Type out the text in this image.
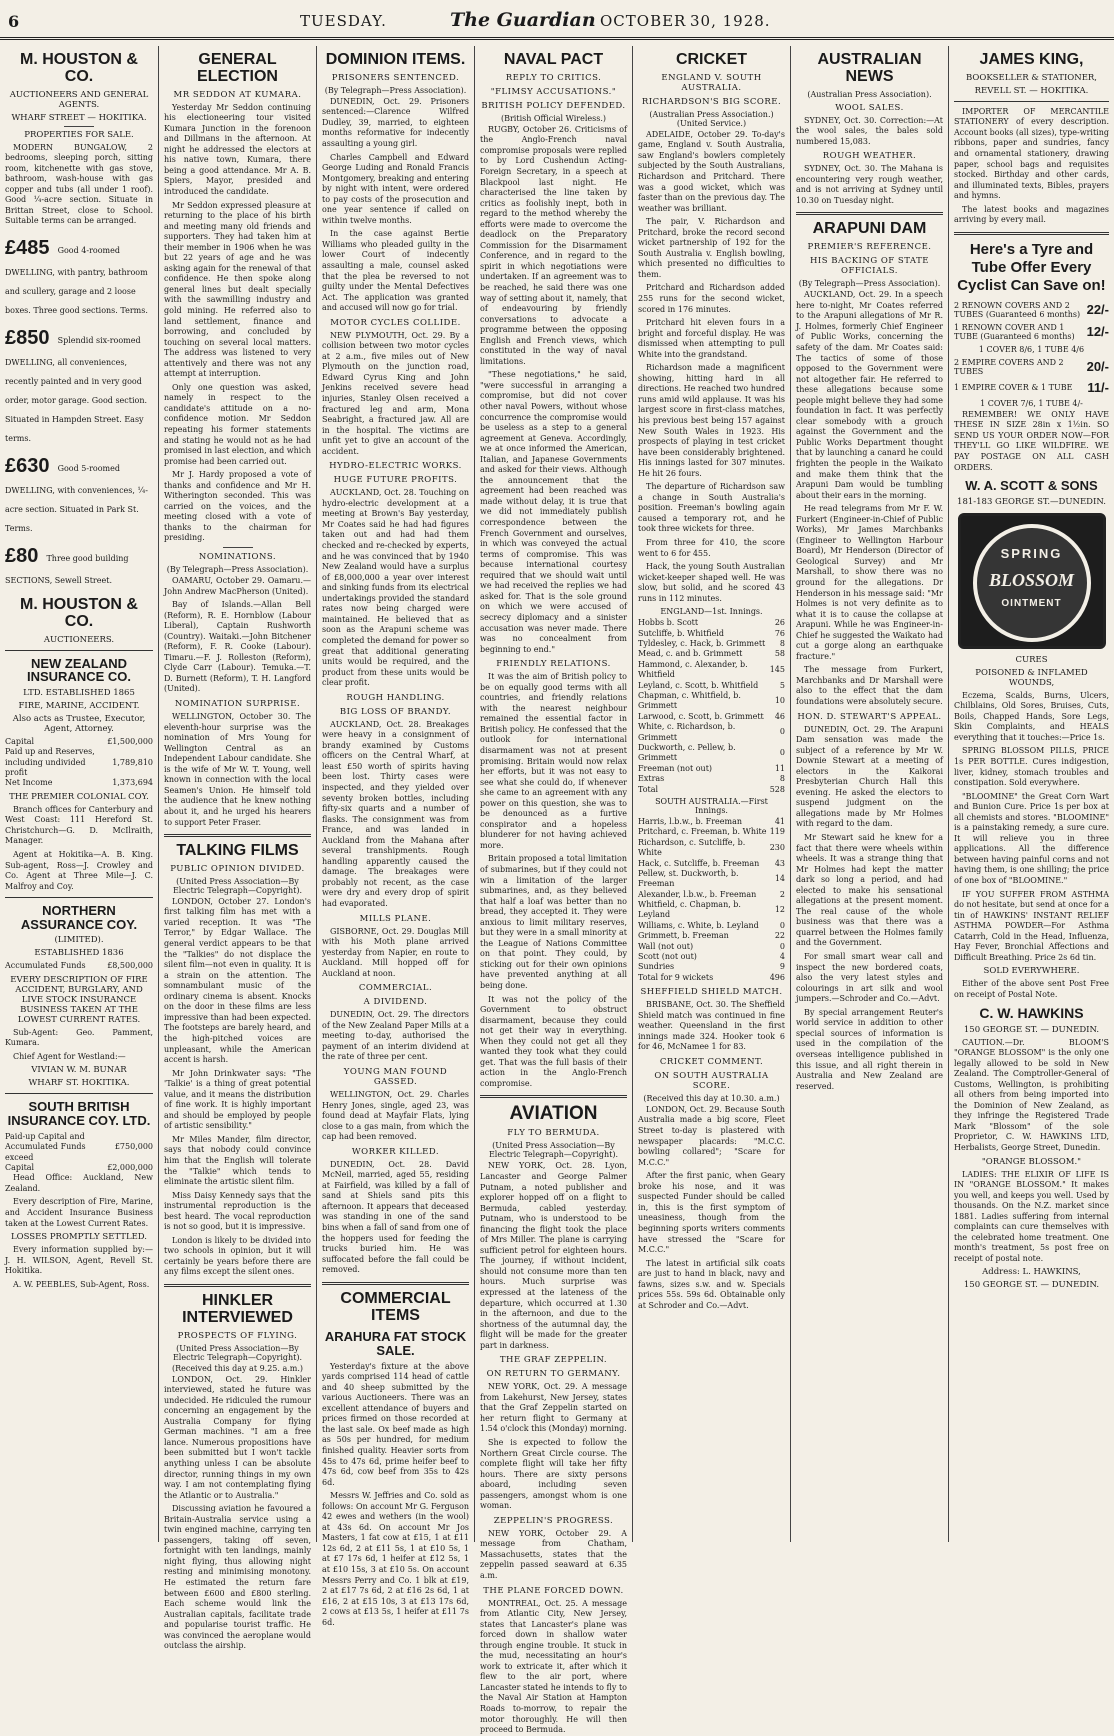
6	TUESDAY.	The Guardian OCTOBER 30, 1928.
M. HOUSTON & CO.
AUCTIONEERS AND GENERAL AGENTS.
WHARF STREET — HOKITIKA.
PROPERTIES FOR SALE.
MODERN BUNGALOW, 2 bedrooms, sleeping porch, sitting room, kitchenette with gas stove, bathroom, wash-house with gas copper and tubs (all under 1 roof). Good ¼-acre section. Situate in Brittan Street, close to School. Suitable terms can be arranged.
£485 Good 4-roomed DWELLING, with pantry, bathroom and scullery, garage and 2 loose boxes. Three good sections. Terms.
£850 Splendid six-roomed DWELLING, all conveniences, recently painted and in very good order, motor garage. Good section. Situated in Hampden Street. Easy terms.
£630 Good 5-roomed DWELLING, with conveniences, ¼-acre section. Situated in Park St. Terms.
£80 Three good building SECTIONS, Sewell Street.
M. HOUSTON & CO.
AUCTIONEERS.
NEW ZEALAND INSURANCE CO.
LTD. ESTABLISHED 1865
FIRE, MARINE, ACCIDENT.
Also acts as Trustee, Executor, Agent, Attorney.
Capital	£1,500,000
Paid up and Reserves, including undivided profit	1,789,810
Net Income	1,373,694
THE PREMIER COLONIAL COY.
Branch offices for Canterbury and West Coast: 111 Hereford St. Christchurch—G. D. McIlraith, Manager.
Agent at Hokitika—A. B. King. Sub-agent, Ross—J. Crowley and Co. Agent at Three Mile—J. C. Malfroy and Coy.
NORTHERN ASSURANCE COY.
(LIMITED).
ESTABLISHED 1836
Accumulated Funds	£8,500,000
EVERY DESCRIPTION OF FIRE ACCIDENT, BURGLARY, AND LIVE STOCK INSURANCE BUSINESS TAKEN AT THE LOWEST CURRENT RATES.
Sub-Agent: Geo. Pamment, Kumara.
Chief Agent for Westland:—
VIVIAN W. M. BUNAR
WHARF ST. HOKITIKA.
SOUTH BRITISH INSURANCE COY. LTD.
Paid-up Capital and Accumulated Funds exceed	£750,000
Capital	£2,000,000
Head Office: Auckland, New Zealand.
Every description of Fire, Marine, and Accident Insurance Business taken at the Lowest Current Rates.
LOSSES PROMPTLY SETTLED.
Every information supplied by:— J. H. WILSON, Agent, Revell St. Hokitika.
A. W. PEEBLES, Sub-Agent, Ross.
GENERAL ELECTION
MR SEDDON AT KUMARA.
Yesterday Mr Seddon continuing his electioneering tour visited Kumara Junction in the forenoon and Dillmans in the afternoon. At night he addressed the electors at his native town, Kumara, there being a good attendance. Mr A. B. Spiers, Mayor, presided and introduced the candidate.
Mr Seddon expressed pleasure at returning to the place of his birth and meeting many old friends and supporters. They had taken him at their member in 1906 when he was but 22 years of age and he was asking again for the renewal of that confidence. He then spoke along general lines but dealt specially with the sawmilling industry and gold mining. He referred also to land settlement, finance and borrowing, and concluded by touching on several local matters. The address was listened to very attentively and there was not any attempt at interruption.
Only one question was asked, namely in respect to the candidate's attitude on a no-confidence motion. Mr Seddon repeating his former statements and stating he would not as he had promised in last election, and which promise had been carried out.
Mr J. Hardy proposed a vote of thanks and confidence and Mr H. Witherington seconded. This was carried on the voices, and the meeting closed with a vote of thanks to the chairman for presiding.
NOMINATIONS.
(By Telegraph—Press Association).
OAMARU, October 29. Oamaru.—John Andrew MacPherson (United).
Bay of Islands.—Allan Bell (Reform), R. E. Hornblow (Labour Liberal), Captain Rushworth (Country). Waitaki.—John Bitchener (Reform), F. R. Cooke (Labour). Timaru.—F. J. Rolleston (Reform), Clyde Carr (Labour). Temuka.—T. D. Burnett (Reform), T. H. Langford (United).
NOMINATION SURPRISE.
WELLINGTON, October 30. The eleventh-hour surprise was the nomination of Mrs Young for Wellington Central as an Independent Labour candidate. She is the wife of Mr W. T. Young, well known in connection with the local Seamen's Union. He himself told the audience that he knew nothing about it, and he urged his hearers to support Peter Fraser.
TALKING FILMS
PUBLIC OPINION DIVIDED.
(United Press Association—By Electric Telegraph—Copyright).
LONDON, October 27. London's first talking film has met with a varied reception. It was "The Terror," by Edgar Wallace. The general verdict appears to be that the "Talkies" do not displace the silent film—not even in quality. It is a strain on the attention. The somnambulant music of the ordinary cinema is absent. Knocks on the door in these films are less impressive than had been expected. The footsteps are barely heard, and the high-pitched voices are unpleasant, while the American accent is harsh.
Mr John Drinkwater says: "The 'Talkie' is a thing of great potential value, and it means the distribution of fine work. It is highly important and should be employed by people of artistic sensibility."
Mr Miles Mander, film director, says that nobody could convince him that the English will tolerate the "Talkie" which tends to eliminate the artistic silent film.
Miss Daisy Kennedy says that the instrumental reproduction is the best heard. The vocal reproduction is not so good, but it is impressive.
London is likely to be divided into two schools in opinion, but it will certainly be years before there are any films except the silent ones.
HINKLER INTERVIEWED
PROSPECTS OF FLYING.
(United Press Association—By Electric Telegraph—Copyright).
(Received this day at 9.25. a.m.)
LONDON, Oct. 29. Hinkler interviewed, stated he future was undecided. He ridiculed the rumour concerning an engagement by the Australia Company for flying German machines. "I am a free lance. Numerous propositions have been submitted but I won't tackle anything unless I can be absolute director, running things in my own way. I am not contemplating flying the Atlantic or to Australia."
Discussing aviation he favoured a Britain-Australia service using a twin engined machine, carrying ten passengers, taking off seven, fortnight with ten landings, mainly night flying, thus allowing night resting and minimising monotony. He estimated the return fare between £600 and £800 sterling. Each scheme would link the Australian capitals, facilitate trade and popularise tourist traffic. He was convinced the aeroplane would outclass the airship.
DOMINION ITEMS.
PRISONERS SENTENCED.
(By Telegraph—Press Association).
DUNEDIN, Oct. 29. Prisoners sentenced:—Clarence Wilfred Dudley, 39, married, to eighteen months reformative for indecently assaulting a young girl.
Charles Campbell and Edward George Luding and Ronald Francis Montgomery, breaking and entering by night with intent, were ordered to pay costs of the prosecution and one year sentence if called on within twelve months.
In the case against Bertie Williams who pleaded guilty in the lower Court of indecently assaulting a male, counsel asked that the plea be reversed to not guilty under the Mental Defectives Act. The application was granted and accused will now go for trial.
MOTOR CYCLES COLLIDE.
NEW PLYMOUTH, Oct. 29. By a collision between two motor cycles at 2 a.m., five miles out of New Plymouth on the junction road, Edward Cyrus King and John Jenkins received severe head injuries, Stanley Olsen received a fractured leg and arm, Mona Seabright, a fractured jaw. All are in the hospital. The victims are unfit yet to give an account of the accident.
HYDRO-ELECTRIC WORKS.
HUGE FUTURE PROFITS.
AUCKLAND, Oct. 28. Touching on hydro-electric development at a meeting at Brown's Bay yesterday, Mr Coates said he had had figures taken out and had had them checked and re-checked by experts, and he was convinced that by 1940 New Zealand would have a surplus of £8,000,000 a year over interest and sinking funds from its electrical undertakings provided the standard rates now being charged were maintained. He believed that as soon as the Arapuni scheme was completed the demand for power so great that additional generating units would be required, and the product from these units would be clear profit.
ROUGH HANDLING.
BIG LOSS OF BRANDY.
AUCKLAND, Oct. 28. Breakages were heavy in a consignment of brandy examined by Customs officers on the Central Wharf, at least £50 worth of spirits having been lost. Thirty cases were inspected, and they yielded over seventy broken bottles, including fifty-six quarts and a number of flasks. The consignment was from France, and was landed in Auckland from the Mahana after several transhipments. Rough handling apparently caused the damage. The breakages were probably not recent, as the case were dry and every drop of spirit had evaporated.
MILLS PLANE.
GISBORNE, Oct. 29. Douglas Mill with his Moth plane arrived yesterday from Napier, en route to Auckland. Mill hopped off for Auckland at noon.
COMMERCIAL.
A DIVIDEND.
DUNEDIN, Oct. 29. The directors of the New Zealand Paper Mills at a meeting to-day, authorised the payment of an interim dividend at the rate of three per cent.
YOUNG MAN FOUND GASSED.
WELLINGTON, Oct. 29. Charles Henry Jones, single, aged 23, was found dead at Mayfair Flats, lying close to a gas main, from which the cap had been removed.
WORKER KILLED.
DUNEDIN, Oct. 28. David McNeil, married, aged 55, residing at Fairfield, was killed by a fall of sand at Shiels sand pits this afternoon. It appears that deceased was standing in one of the sand bins when a fall of sand from one of the hoppers used for feeding the trucks buried him. He was suffocated before the fall could be removed.
COMMERCIAL ITEMS
ARAHURA FAT STOCK SALE.
Yesterday's fixture at the above yards comprised 114 head of cattle and 40 sheep submitted by the various Auctioneers. There was an excellent attendance of buyers and prices firmed on those recorded at the last sale. Ox beef made as high as 50s per hundred, for medium finished quality. Heavier sorts from 45s to 47s 6d, prime heifer beef to 47s 6d, cow beef from 35s to 42s 6d.
Messrs W. Jeffries and Co. sold as follows: On account Mr G. Ferguson 42 ewes and wethers (in the wool) at 43s 6d. On account Mr Jos Masters, 1 fat cow at £15, 1 at £11 12s 6d, 2 at £11 5s, 1 at £10 5s, 1 at £7 17s 6d, 1 heifer at £12 5s, 1 at £10 15s, 3 at £10 5s. On account Messrs Perry and Co. 1 blk at £19, 2 at £17 7s 6d, 2 at £16 2s 6d, 1 at £16, 2 at £15 10s, 3 at £13 17s 6d, 2 cows at £13 5s, 1 heifer at £11 7s 6d.
NAVAL PACT
REPLY TO CRITICS.
"FLIMSY ACCUSATIONS."
BRITISH POLICY DEFENDED.
(British Official Wireless.)
RUGBY, October 26. Criticisms of the Anglo-French naval compromise proposals were replied to by Lord Cushendun Acting-Foreign Secretary, in a speech at Blackpool last night. He characterised the line taken by critics as foolishly inept, both in regard to the method whereby the efforts were made to overcome the deadlock on the Preparatory Commission for the Disarmament Conference, and in regard to the spirit in which negotiations were undertaken. If an agreement was to be reached, he said there was one way of setting about it, namely, that of endeavouring by friendly conversations to advocate a programme between the opposing English and French views, which constituted in the way of naval limitations.
"These negotiations," he said, "were successful in arranging a compromise, but did not cover other naval Powers, without whose concurrence the compromise would be useless as a step to a general agreement at Geneva. Accordingly, we at once informed the American, Italian, and Japanese Governments and asked for their views. Although the announcement that the agreement had been reached was made without delay, it is true that we did not immediately publish correspondence between the French Government and ourselves, in which was conveyed the actual terms of compromise. This was because international courtesy required that we should wait until we had received the replies we had asked for. That is the sole ground on which we were accused of secrecy diplomacy and a sinister accusation was never made. There was no concealment from beginning to end."
FRIENDLY RELATIONS.
It was the aim of British policy to be on equally good terms with all countries, and friendly relations with the nearest neighbour remained the essential factor in British policy. He confessed that the outlook for international disarmament was not at present promising. Britain would now relax her efforts, but it was not easy to see what she could do, if whenever she came to an agreement with any power on this question, she was to be denounced as a furtive conspirator and a hopeless blunderer for not having achieved more.
Britain proposed a total limitation of submarines, but if they could not win a limitation of the larger submarines, and, as they believed that half a loaf was better than no bread, they accepted it. They were anxious to limit military reserves, but they were in a small minority at the League of Nations Committee on that point. They could, by sticking out for their own opinions have prevented anything at all being done.
It was not the policy of the Government to obstruct disarmament, because they could not get their way in everything. When they could not get all they wanted they took what they could get. That was the full basis of their action in the Anglo-French compromise.
AVIATION
FLY TO BERMUDA.
(United Press Association—By Electric Telegraph—Copyright).
NEW YORK, Oct. 28. Lyon, Lancaster and George Palmer Putnam, a noted publisher and explorer hopped off on a flight to Bermuda, cabled yesterday. Putnam, who is understood to be financing the flight took the place of Mrs Miller. The plane is carrying sufficient petrol for eighteen hours. The journey, if without incident, should not consume more than ten hours. Much surprise was expressed at the lateness of the departure, which occurred at 1.30 in the afternoon, and due to the shortness of the autumnal day, the flight will be made for the greater part in darkness.
THE GRAF ZEPPELIN.
ON RETURN TO GERMANY.
NEW YORK, Oct. 29. A message from Lakehurst, New Jersey, states that the Graf Zeppelin started on her return flight to Germany at 1.54 o'clock this (Monday) morning.
She is expected to follow the Northern Great Circle course. The complete flight will take her fifty hours. There are sixty persons aboard, including seven passengers, amongst whom is one woman.
ZEPPELIN'S PROGRESS.
NEW YORK, October 29. A message from Chatham, Massachusetts, states that the zeppelin passed seaward at 6.35 a.m.
THE PLANE FORCED DOWN.
MONTREAL, Oct. 25. A message from Atlantic City, New Jersey, states that Lancaster's plane was forced down in shallow water through engine trouble. It stuck in the mud, necessitating an hour's work to extricate it, after which it flew to the air port, where Lancaster stated he intends to fly to the Naval Air Station at Hampton Roads to-morrow, to repair the motor thoroughly. He will then proceed to Bermuda.
CRICKET
ENGLAND V. SOUTH AUSTRALIA.
RICHARDSON'S BIG SCORE.
(Australian Press Association.) (United Service.)
ADELAIDE, October 29. To-day's game, England v. South Australia, saw England's bowlers completely subjected by the South Australians, Richardson and Pritchard. There was a good wicket, which was faster than on the previous day. The weather was brilliant.
The pair, V. Richardson and Pritchard, broke the record second wicket partnership of 192 for the South Australia v. English bowling, which presented no difficulties to them.
Pritchard and Richardson added 255 runs for the second wicket, scored in 176 minutes.
Pritchard hit eleven fours in a bright and forceful display. He was dismissed when attempting to pull White into the grandstand.
Richardson made a magnificent showing, hitting hard in all directions. He reached two hundred runs amid wild applause. It was his largest score in first-class matches, his previous best being 157 against New South Wales in 1923. His prospects of playing in test cricket have been considerably brightened. His innings lasted for 307 minutes. He hit 26 fours.
The departure of Richardson saw a change in South Australia's position. Freeman's bowling again caused a temporary rot, and he took three wickets for three.
From three for 410, the score went to 6 for 455.
Hack, the young South Australian wicket-keeper shaped well. He was slow, but solid, and he scored 43 runs in 112 minutes.
ENGLAND—1st. Innings.
Hobbs b. Scott	26
Sutcliffe, b. Whitfield	76
Tyldesley, c. Hack, b. Grimmett	8
Mead, c. and b. Grimmett	58
Hammond, c. Alexander, b. Whitfield	145
Leyland, c. Scott, b. Whitfield	5
Chapman, c. Whitfield, b. Grimmett	10
Larwood, c. Scott, b. Grimmett	46
White, c. Richardson, b. Grimmett	0
Duckworth, c. Pellew, b. Grimmett	0
Freeman (not out)	11
Extras	8
Total	528
SOUTH AUSTRALIA.—First Innings.
Harris, l.b.w., b. Freeman	41
Pritchard, c. Freeman, b. White	119
Richardson, c. Sutcliffe, b. White	230
Hack, c. Sutcliffe, b. Freeman	43
Pellew, st. Duckworth, b. Freeman	14
Alexander, l.b.w., b. Freeman	2
Whitfield, c. Chapman, b. Leyland	12
Williams, c. White, b. Leyland	0
Grimmett, b. Freeman	22
Wall (not out)	0
Scott (not out)	4
Sundries	9
Total for 9 wickets	496
SHEFFIELD SHIELD MATCH.
BRISBANE, Oct. 30. The Sheffield Shield match was continued in fine weather. Queensland in the first innings made 324. Hooker took 6 for 46, McNamee 1 for 83.
CRICKET COMMENT.
ON SOUTH AUSTRALIA SCORE.
(Received this day at 10.30. a.m.)
LONDON, Oct. 29. Because South Australia made a big score, Fleet Street to-day is plastered with newspaper placards: "M.C.C. bowling collared"; "Scare for M.C.C."
After the first panic, when Geary broke his nose, and it was suspected Funder should be called in, this is the first symptom of uneasiness, though from the beginning sports writers comments have stressed the "Scare for M.C.C."
The latest in artificial silk coats are just to hand in black, navy and fawns, sizes s.w. and w. Specials prices 55s. 59s 6d. Obtainable only at Schroder and Co.—Advt.
AUSTRALIAN NEWS
(Australian Press Association).
WOOL SALES.
SYDNEY, Oct. 30. Correction:—At the wool sales, the bales sold numbered 15,083.
ROUGH WEATHER.
SYDNEY, Oct. 30. The Mahana is encountering very rough weather, and is not arriving at Sydney until 10.30 on Tuesday night.
ARAPUNI DAM
PREMIER'S REFERENCE.
HIS BACKING OF STATE OFFICIALS.
(By Telegraph—Press Association).
AUCKLAND, Oct. 29. In a speech here to-night, Mr Coates referred to the Arapuni allegations of Mr R. J. Holmes, formerly Chief Engineer of Public Works, concerning the safety of the dam. Mr Coates said: The tactics of some of those opposed to the Government were not altogether fair. He referred to these allegations because some people might believe they had some foundation in fact. It was perfectly clear somebody with a grouch against the Government and the Public Works Department thought that by launching a canard he could frighten the people in the Waikato and make them think that the Arapuni Dam would be tumbling about their ears in the morning.
He read telegrams from Mr F. W. Furkert (Engineer-in-Chief of Public Works), Mr James Marchbanks (Engineer to Wellington Harbour Board), Mr Henderson (Director of Geological Survey) and Mr Marshall, to show there was no ground for the allegations. Dr Henderson in his message said: "Mr Holmes is not very definite as to what it is to cause the collapse at Arapuni. While he was Engineer-in-Chief he suggested the Waikato had cut a gorge along an earthquake fracture."
The message from Furkert, Marchbanks and Dr Marshall were also to the effect that the dam foundations were absolutely secure.
HON. D. STEWART'S APPEAL.
DUNEDIN, Oct. 29. The Arapuni Dam sensation was made the subject of a reference by Mr W. Downie Stewart at a meeting of electors in the Kaikorai Presbyterian Church Hall this evening. He asked the electors to suspend judgment on the allegations made by Mr Holmes with regard to the dam.
Mr Stewart said he knew for a fact that there were wheels within wheels. It was a strange thing that Mr Holmes had kept the matter dark so long a period, and had elected to make his sensational allegations at the present moment. The real cause of the whole business was that there was a quarrel between the Holmes family and the Government.
For small smart wear call and inspect the new bordered coats, also the very latest styles and colourings in art silk and wool jumpers.—Schroder and Co.—Advt.
By special arrangement Reuter's world service in addition to other special sources of information is used in the compilation of the overseas intelligence published in this issue, and all right therein in Australia and New Zealand are reserved.
JAMES KING,
BOOKSELLER & STATIONER,
REVELL ST. — HOKITIKA.
IMPORTER OF MERCANTILE STATIONERY of every description. Account books (all sizes), type-writing ribbons, paper and sundries, fancy and ornamental stationery, drawing paper, school bags and requisites stocked. Birthday and other cards, and illuminated texts, Bibles, prayers and hymns.
The latest books and magazines arriving by every mail.
Here's a Tyre and Tube Offer Every Cyclist Can Save on!
2 RENOWN COVERS AND 2 TUBES (Guaranteed 6 months) 22/-
1 RENOWN COVER AND 1 TUBE (Guaranteed 6 months) 12/-
1 COVER 8/6, 1 TUBE 4/6
2 EMPIRE COVERS AND 2 TUBES	20/-
1 EMPIRE COVER & 1 TUBE 11/-
1 COVER 7/6, 1 TUBE 4/-
REMEMBER! WE ONLY HAVE THESE IN SIZE 28in x 1½in. SO SEND US YOUR ORDER NOW—FOR THEY'LL GO LIKE WILDFIRE. WE PAY POSTAGE ON ALL CASH ORDERS.
W. A. SCOTT & SONS
181-183 GEORGE ST.—DUNEDIN.
SPRING
BLOSSOM
OINTMENT
CURES
POISONED & INFLAMED WOUNDS,
Eczema, Scalds, Burns, Ulcers, Chilblains, Old Sores, Bruises, Cuts, Boils, Chapped Hands, Sore Legs, Skin Complaints, and HEALS everything that it touches:—Price 1s.
SPRING BLOSSOM PILLS, PRICE 1s PER BOTTLE. Cures indigestion, liver, kidney, stomach troubles and constipation. Sold everywhere.
"BLOOMINE" the Great Corn Wart and Bunion Cure. Price 1s per box at all chemists and stores. "BLOOMINE" is a painstaking remedy, a sure cure. It will relieve you in three applications. All the difference between having painful corns and not having them, is one shilling; the price of one box of "BLOOMINE."
IF YOU SUFFER FROM ASTHMA do not hesitate, but send at once for a tin of HAWKINS' INSTANT RELIEF ASTHMA POWDER—For Asthma Catarrh, Cold in the Head, Influenza, Hay Fever, Bronchial Affections and Difficult Breathing. Price 2s 6d tin.
SOLD EVERYWHERE.
Either of the above sent Post Free on receipt of Postal Note.
C. W. HAWKINS
150 GEORGE ST. — DUNEDIN.
CAUTION.—Dr. BLOOM'S "ORANGE BLOSSOM" is the only one legally allowed to be sold in New Zealand. The Comptroller-General of Customs, Wellington, is prohibiting all others from being imported into the Dominion of New Zealand, as they infringe the Registered Trade Mark "Blossom" of the sole Proprietor, C. W. HAWKINS LTD, Herbalists, George Street, Dunedin.
"ORANGE BLOSSOM."
LADIES: THE ELIXIR OF LIFE IS IN "ORANGE BLOSSOM." It makes you well, and keeps you well. Used by thousands. On the N.Z. market since 1881. Ladies suffering from internal complaints can cure themselves with the celebrated home treatment. One month's treatment, 5s post free on receipt of postal note.
Address: L. HAWKINS,
150 GEORGE ST. — DUNEDIN.
